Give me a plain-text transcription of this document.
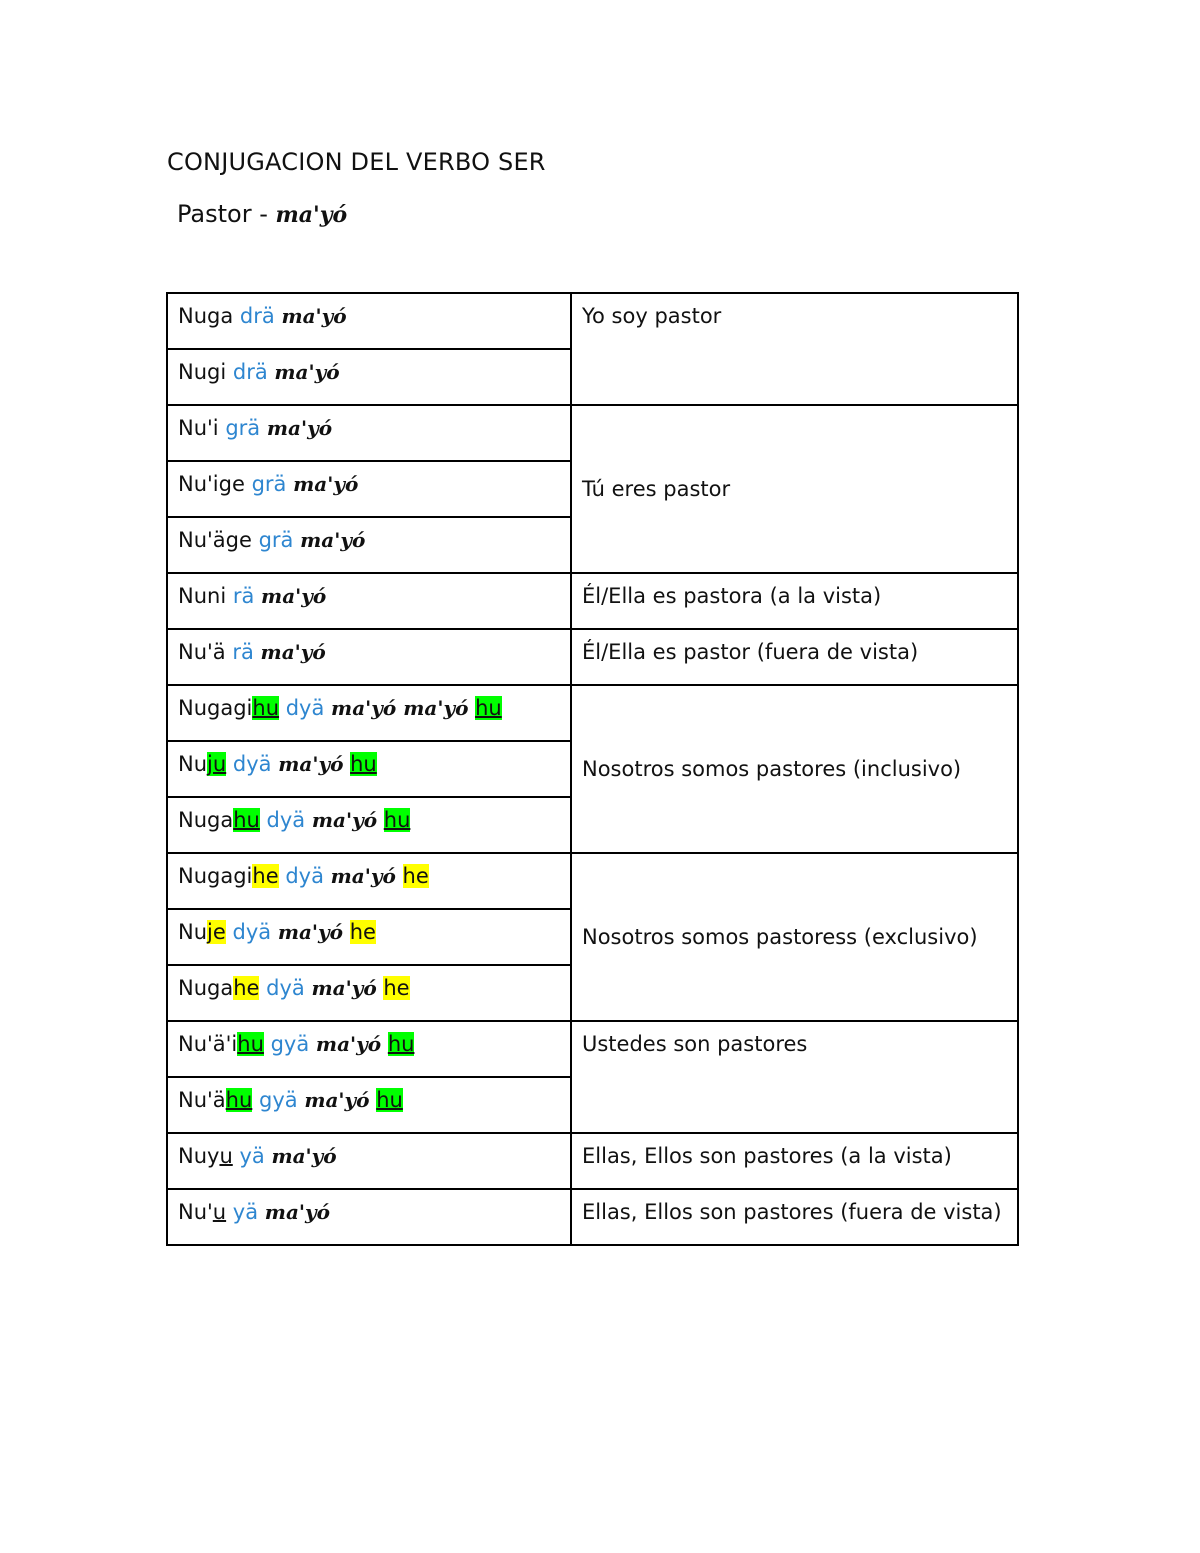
CONJUGACION DEL VERBO SER
Pastor - ma'yó
Nuga drä ma'yó	Yo soy pastor
Nugi drä ma'yó	
Nu'i grä ma'yó	Tú eres pastor
Nu'ige grä ma'yó	
Nu'äge grä ma'yó	
Nuni rä ma'yó	Él/Ella es pastora (a la vista)
Nu'ä rä ma'yó	Él/Ella es pastor (fuera de vista)
Nugagihu dyä ma'yó ma'yó hu	Nosotros somos pastores (inclusivo)
Nuju dyä ma'yó hu	
Nugahu dyä ma'yó hu	
Nugagihe dyä ma'yó he	Nosotros somos pastoress (exclusivo)
Nuje dyä ma'yó he	
Nugahe dyä ma'yó he	
Nu'ä'ihu gyä ma'yó hu	Ustedes son pastores
Nu'ähu gyä ma'yó hu	
Nuyu yä ma'yó	Ellas, Ellos son pastores (a la vista)
Nu'u yä ma'yó	Ellas, Ellos son pastores (fuera de vista)
